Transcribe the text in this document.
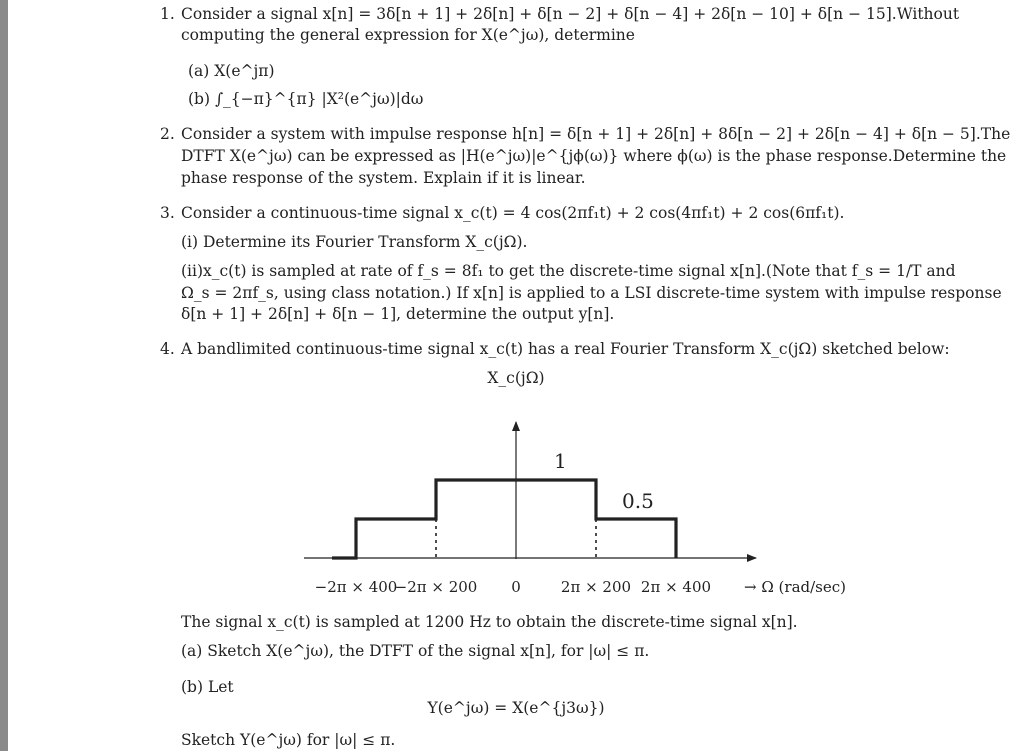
1. Consider a signal x[n] = 3δ[n + 1] + 2δ[n] + δ[n − 2] + δ[n − 4] + 2δ[n − 10] + δ[n − 15]. Without
computing the general expression for X(e^jω), determine
(a) X(e^jπ)
(b) ∫_{−π}^{π} |X²(e^jω)|dω
2. Consider a system with impulse response h[n] = δ[n + 1] + 2δ[n] + 8δ[n − 2] + 2δ[n − 4] + δ[n − 5]. The
DTFT X(e^jω) can be expressed as |H(e^jω)|e^{jϕ(ω)} where ϕ(ω) is the phase response. Determine the
phase response of the system. Explain if it is linear.
3. Consider a continuous-time signal x_c(t) = 4 cos(2πf₁t) + 2 cos(4πf₁t) + 2 cos(6πf₁t).
(i) Determine its Fourier Transform X_c(jΩ).
(ii)x_c(t) is sampled at rate of f_s = 8f₁ to get the discrete-time signal x[n]. (Note that f_s = 1/T and
Ω_s = 2πf_s, using class notation.) If x[n] is applied to a LSI discrete-time system with impulse response
δ[n + 1] + 2δ[n] + δ[n − 1], determine the output y[n].
4. A bandlimited continuous-time signal x_c(t) has a real Fourier Transform X_c(jΩ) sketched below:
X_c(jΩ)
1
0.5
−2π × 400
−2π × 200 0	2π × 200 2π × 400 → Ω (rad/sec)
The signal x_c(t) is sampled at 1200 Hz to obtain the discrete-time signal x[n].
(a) Sketch X(e^jω), the DTFT of the signal x[n], for |ω| ≤ π.
(b) Let
Y(e^jω) = X(e^{j3ω})
Sketch Y(e^jω) for |ω| ≤ π.
